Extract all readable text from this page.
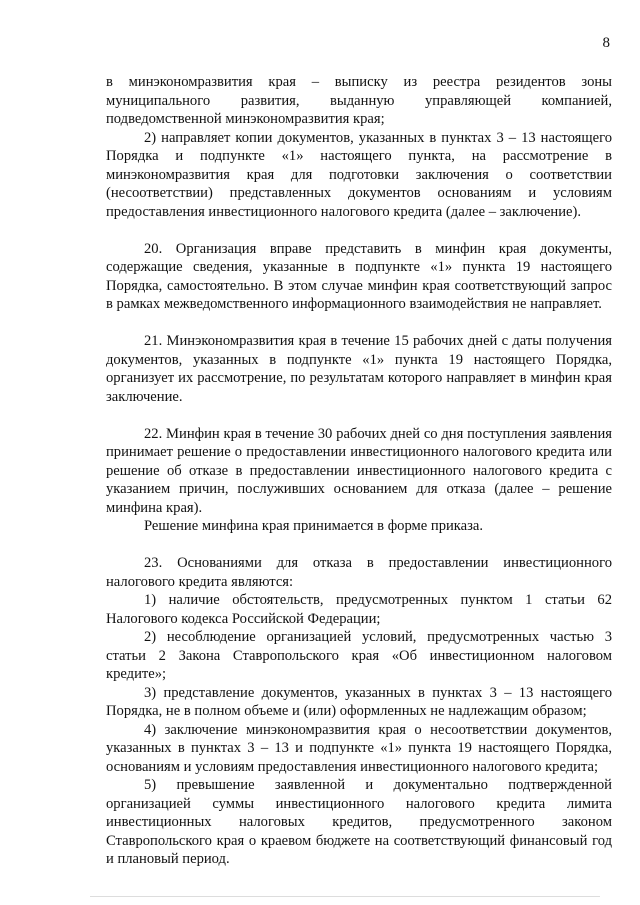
8

в минэкономразвития края – выписку из реестра резидентов зоны муниципального развития, выданную управляющей компанией, подведомственной минэкономразвития края;

2) направляет копии документов, указанных в пунктах 3 – 13 настоящего Порядка и подпункте «1» настоящего пункта, на рассмотрение в минэкономразвития края для подготовки заключения о соответствии (несоответствии) представленных документов основаниям и условиям предоставления инвестиционного налогового кредита (далее – заключение).

20. Организация вправе представить в минфин края документы, содержащие сведения, указанные в подпункте «1» пункта 19 настоящего Порядка, самостоятельно. В этом случае минфин края соответствующий запрос в рамках межведомственного информационного взаимодействия не направляет.

21. Минэкономразвития края в течение 15 рабочих дней с даты получения документов, указанных в подпункте «1» пункта 19 настоящего Порядка, организует их рассмотрение, по результатам которого направляет в минфин края заключение.

22. Минфин края в течение 30 рабочих дней со дня поступления заявления принимает решение о предоставлении инвестиционного налогового кредита или решение об отказе в предоставлении инвестиционного налогового кредита с указанием причин, послуживших основанием для отказа (далее – решение минфина края).

Решение минфина края принимается в форме приказа.

23. Основаниями для отказа в предоставлении инвестиционного налогового кредита являются:

1) наличие обстоятельств, предусмотренных пунктом 1 статьи 62 Налогового кодекса Российской Федерации;

2) несоблюдение организацией условий, предусмотренных частью 3 статьи 2 Закона Ставропольского края «Об инвестиционном налоговом кредите»;

3) представление документов, указанных в пунктах 3 – 13 настоящего Порядка, не в полном объеме и (или) оформленных не надлежащим образом;

4) заключение минэкономразвития края о несоответствии документов, указанных в пунктах 3 – 13 и подпункте «1» пункта 19 настоящего Порядка, основаниям и условиям предоставления инвестиционного налогового кредита;

5) превышение заявленной и документально подтвержденной организацией суммы инвестиционного налогового кредита лимита инвестиционных налоговых кредитов, предусмотренного законом Ставропольского края о краевом бюджете на соответствующий финансовый год и плановый период.
